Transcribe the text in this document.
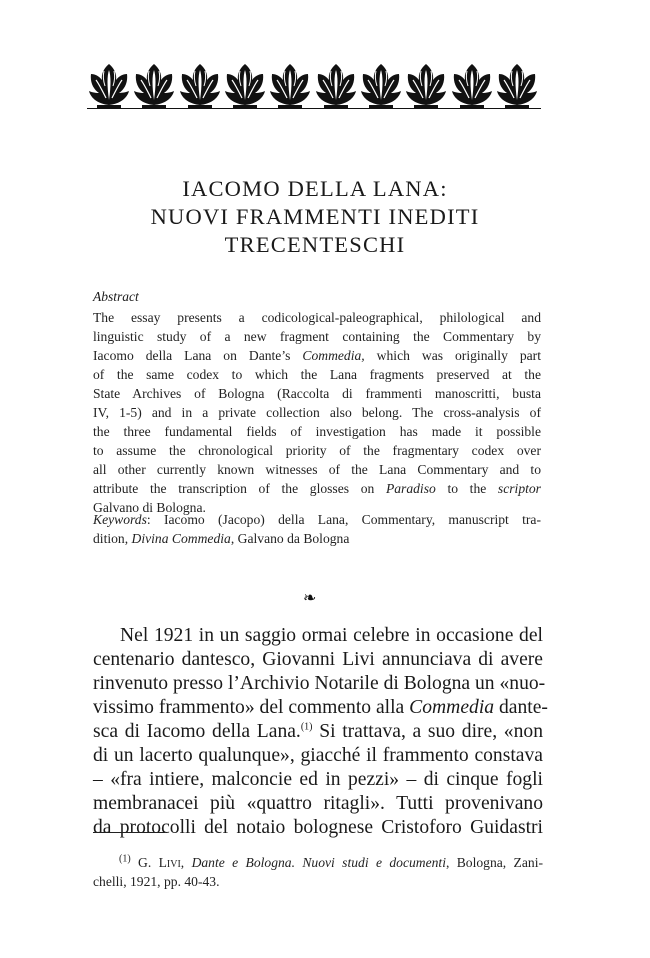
IACOMO DELLA LANA:
NUOVI FRAMMENTI INEDITI TRECENTESCHI
Abstract
The essay presents a codicological-paleographical, philological and
linguistic study of a new fragment containing the Commentary by
Iacomo della Lana on Dante’s Commedia, which was originally part
of the same codex to which the Lana fragments preserved at the
State Archives of Bologna (Raccolta di frammenti manoscritti, busta
IV, 1-5) and in a private collection also belong. The cross-analysis of
the three fundamental fields of investigation has made it possible
to assume the chronological priority of the fragmentary codex over
all other currently known witnesses of the Lana Commentary and to
attribute the transcription of the glosses on Paradiso to the scriptor
Galvano di Bologna.
Keywords: Iacomo (Jacopo) della Lana, Commentary, manuscript tra-
dition, Divina Commedia, Galvano da Bologna
❧
Nel 1921 in un saggio ormai celebre in occasione del
centenario dantesco, Giovanni Livi annunciava di avere
rinvenuto presso l’Archivio Notarile di Bologna un «nuo-
vissimo frammento» del commento alla Commedia dante-
sca di Iacomo della Lana.$^{(1)}$ Si trattava, a suo dire, «non
di un lacerto qualunque», giacché il frammento constava
– «fra intiere, malconcie ed in pezzi» – di cinque fogli
membranacei più «quattro ritagli». Tutti provenivano
da protocolli del notaio bolognese Cristoforo Guidastri
$^{(1)}$ G. Livi, Dante e Bologna. Nuovi studi e documenti, Bologna, Zani-
chelli, 1921, pp. 40-43.
